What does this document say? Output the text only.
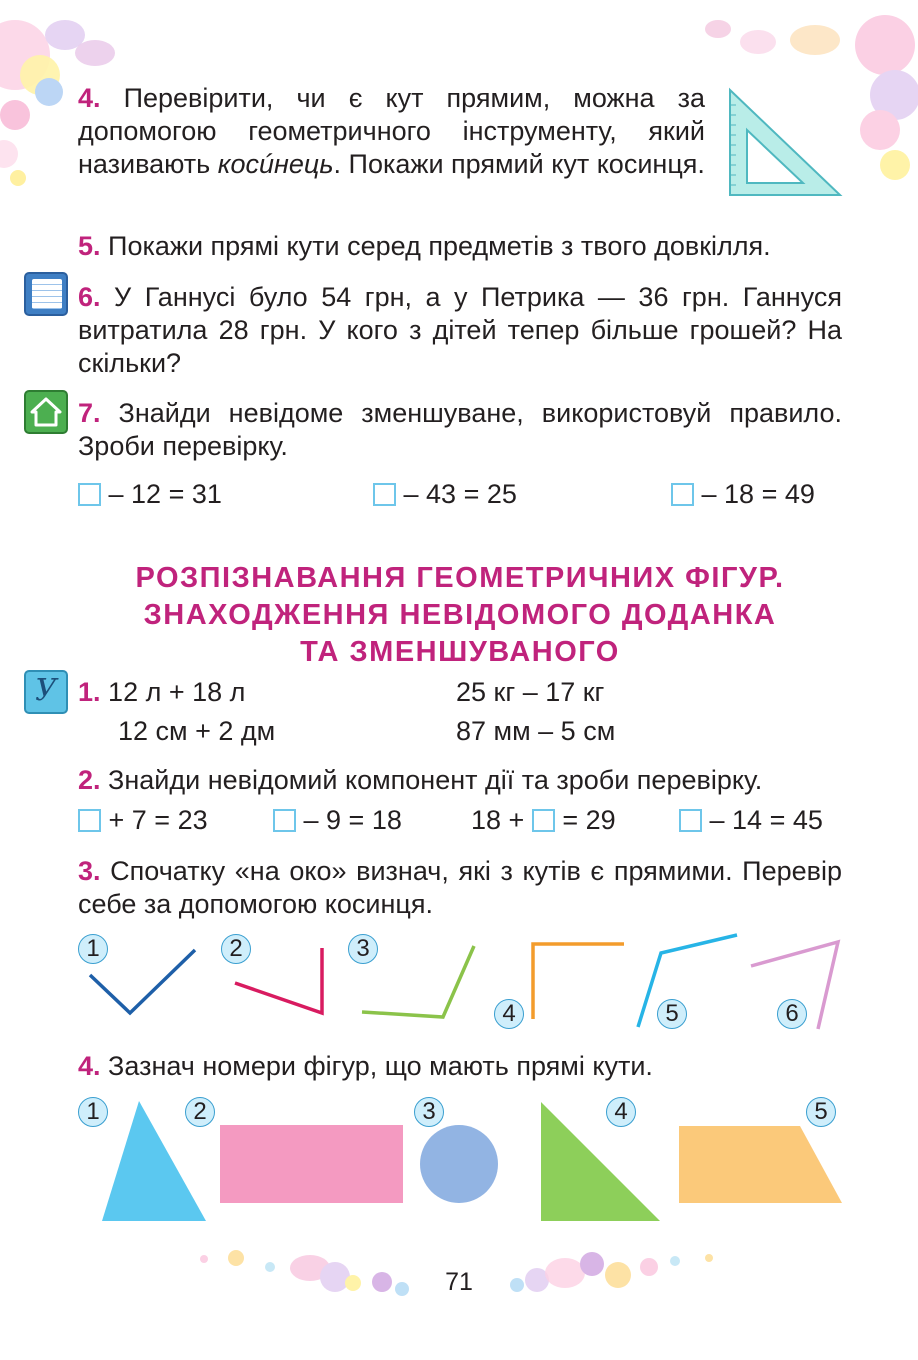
4. Перевірити, чи є кут прямим, можна за допомогою геометричного інструменту, який називають косúнець. Покажи прямий кут косинця.
5. Покажи прямі кути серед предметів з твого довкілля.
6. У Ганнусі було 54 грн, а у Петрика — 36 грн. Ганнуся витратила 28 грн. У кого з дітей тепер більше грошей? На скільки?
7. Знайди невідоме зменшуване, використовуй правило. Зроби перевірку.
– 12 = 31	– 43 = 25	– 18 = 49
РОЗПІЗНАВАННЯ ГЕОМЕТРИЧНИХ ФІГУР.
ЗНАХОДЖЕННЯ НЕВІДОМОГО ДОДАНКА
ТА ЗМЕНШУВАНОГО
У 1. 12 л + 18 л	25 кг – 17 кг
12 см + 2 дм	87 мм – 5 см
2. Знайди невідомий компонент дії та зроби перевірку.
+ 7 = 23	– 9 = 18	18 + = 29	– 14 = 45
3. Спочатку «на око» визнач, які з кутів є прямими. Перевір себе за допомогою косинця.
1	2	3
4	5	6
4. Зазнач номери фігур, що мають прямі кути.
1	2	3	4	5
71
